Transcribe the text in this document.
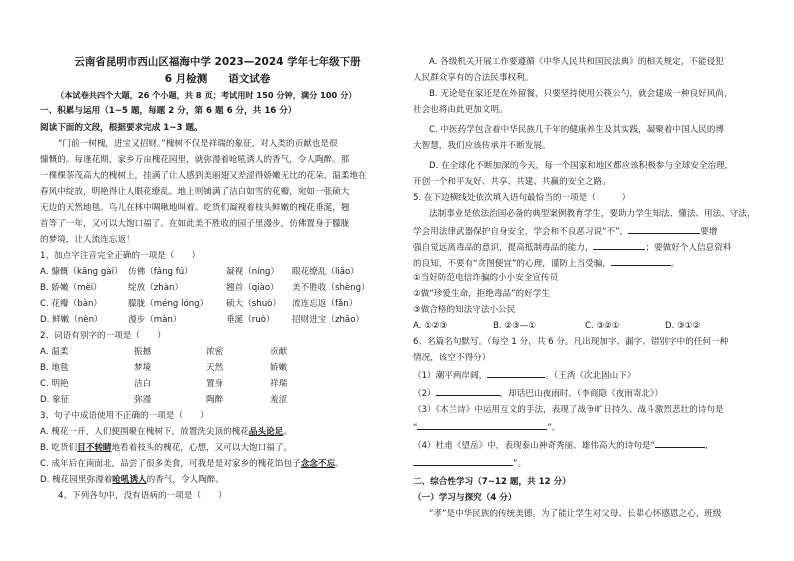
云南省昆明市西山区福海中学 2023—2024 学年七年级下册
6 月检测　　语文试卷
（本试卷共四个大题，26 个小题，共 8 页；考试用时 150 分钟，满分 100 分）
一、积累与运用（1~5 题，每题 2 分，第 6 题 6 分，共 16 分）
阅读下面的文段，根据要求完成 1~3 题。
“门前一树槐，进宝又招财。”槐树不仅是祥瑞的象征，对人类的贡献也是很
慷慨的。每逢花期，家乡万亩槐花园里，就弥漫着呛吼诱人的香气，令人陶醉。那
一棵棵茶茂高大的槐树上，挂满了让人感到美丽翅又差涩得娇嫩无比的花朵，温柔地在
春风中绽放，明艳得让人眼花缭乱。地上则铺满了洁白如雪的花瓣，宛如一张硕大
无边的天然地毯。鸟儿在林中啁啾地叫着。吃货们凝视着枝头鲜嫩的槐花垂涎，翘
首等了一年，又可以大饱口福了。在如此美不胜收的园子里漫步，仿佛置身于朦胧
的梦境，让人流连忘返！
1、加点字注音完全正确的一项是（　　）
A. 慷慨（kāng gài） 仿佛（fǎng fú）	凝视（níng） 眼花缭乱（liǎo）
B. 娇嫩（mèi）	绽放（zhàn）	翘首（qiào） 美不胜收（shèng）
C. 花瓣（bàn）	朦胧（méng lóng） 硕大（shuò） 流连忘返（fǎn）
D. 鲜嫩（nèn）	漫步（màn）	垂涎（ruò） 招财进宝（zhāo）
2、词语有别字的一项是（　　）
A. 温柔	振撼	浓密	贡献
B. 地毯	梦境	天然	娇嫩
C. 明艳	洁白	置身	祥瑞
D. 象征	弥漫	陶醉	羞涩
3、句子中成语使用不正确的一项是（　　）
A. 槐花一开，人们便围聚在槐树下，放置洗尖顶的槐花品头论足。
B. 吃货们目不转睛地看着枝头的槐花，心想，又可以大饱口福了。
C. 成年后在南面北，品尝了很多美食，可我是是对家乡的槐花馅包子念念不忘。
D. 槐花园里弥漫着呛吼诱人的香气，令人陶醉。
4、下列各句中，没有语病的一项是（　　）
A. 各级机关开展工作要遵循《中华人民共和国民法典》的相关规定，不能侵犯
人民群众享有的合法民事权利。
B. 无论是在家还是在外留餐，只要坚持使用公筷公勺，就会建成一种良好风尚，
社会也将由此更加文明。
C. 中医药学包含着中华民族几千年的健康养生及其实践，凝聚着中国人民的博
大智慧，我们应该传承并不断发展。
D. 在全球化不断加深的今天，每一个国家和地区都应该积极参与全球安全治理，
开创一个和平友好、共享、共建、共赢的安全之路。
5. 在下边横线处依次填入语句最恰当的一项是（　　　）
法制事业是依法治国必备的典型案例教育学生，要助力学生知法、懂法、用法、守法，
学会用法律武器保护自身安全，学会和不良恶习说“不”，	要增
强自觉远离毒品的意识，提高抵制毒品的能力，	；要做好个人信息资料
的良知，不要有“贪图便宜”的心理，谨防上当受骗，	。
①当好防范电信诈骗的小小安全宣传员
②做“珍爱生命，拒绝毒品”的好学生
③做合格的知法守法小公民
A. ①②③	B. ②③—①	C. ③②①	D. ③①②
6、名篇名句默写。（每空 1 分，共 6 分。凡出现加字、漏字、错别字中的任何一种
情况，该空不得分）
（1）潮平两岸阔，	。（王湾《次北固山下》
（2）	，却话巴山夜雨时。（李商隐《夜雨寄北》）
（3）《木兰诗》中运用互文的手法，表现了战争旷日持久、战斗激烈悲壮的诗句是
“	”。
（4）杜甫《望岳》中，表现泰山神奇秀丽、雄伟高大的诗句是“	,
”。
二、综合性学习（7~12 题，共 12 分）
（一）学习与探究（4 分）
“孝”是中华民族的传统美德。为了能让学生对父母、长辈心怀感恩之心，班级
